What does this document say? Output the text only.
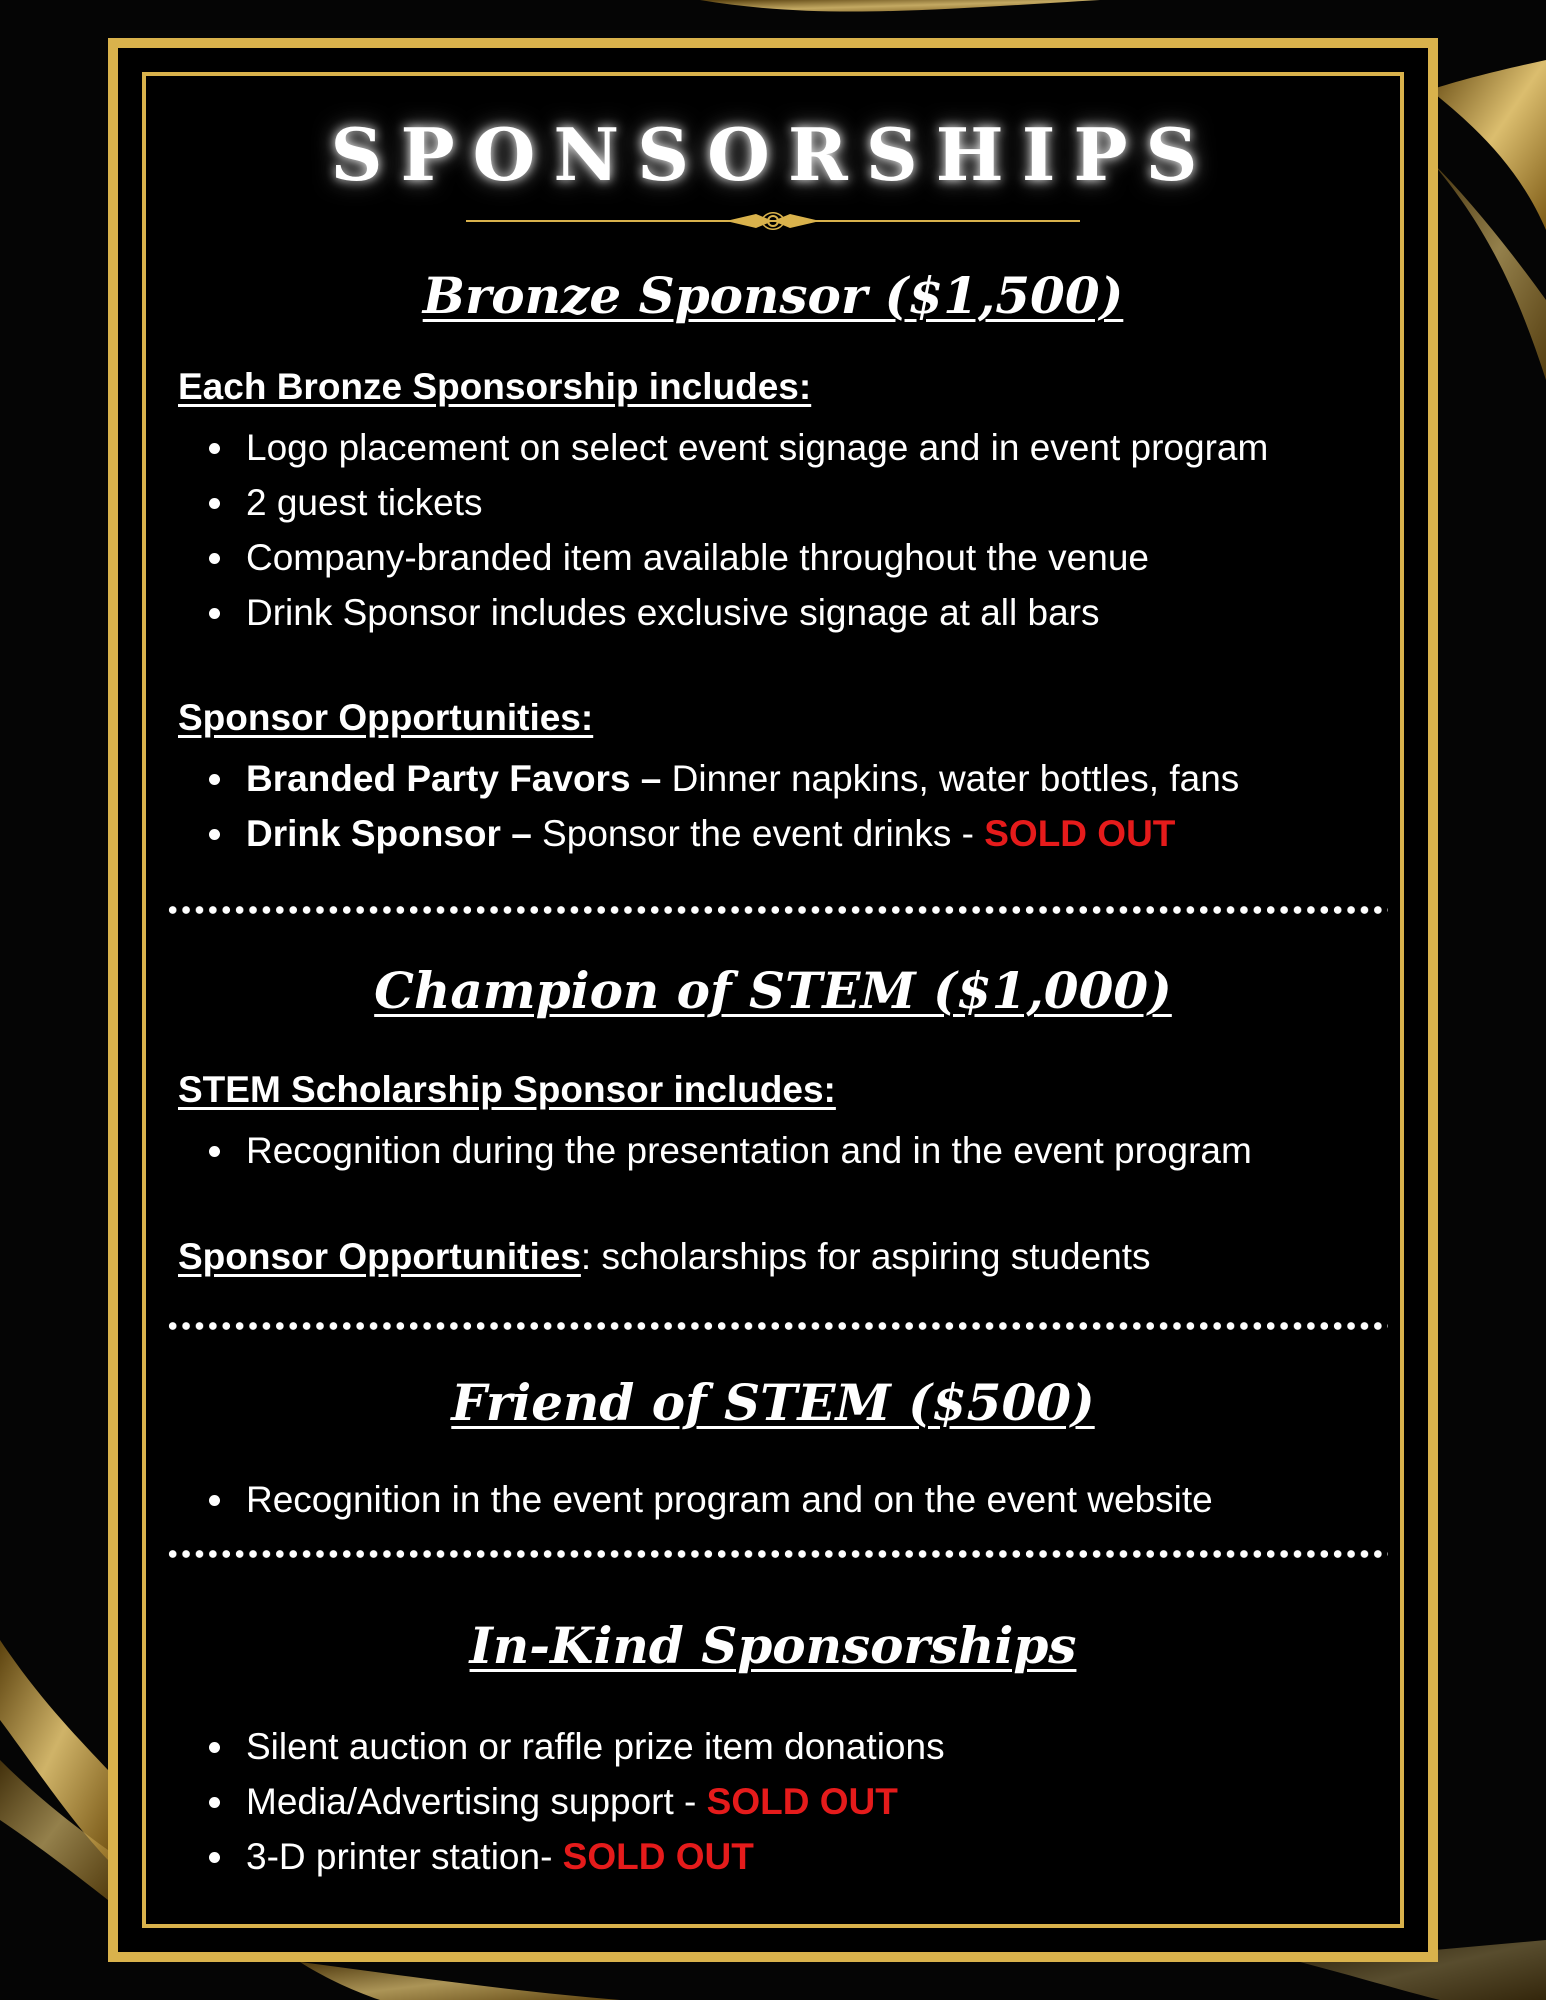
SPONSORSHIPS
Bronze Sponsor ($1,500)
Each Bronze Sponsorship includes:
Logo placement on select event signage and in event program
2 guest tickets
Company-branded item available throughout the venue
Drink Sponsor includes exclusive signage at all bars
Sponsor Opportunities:
Branded Party Favors – Dinner napkins, water bottles, fans
Drink Sponsor – Sponsor the event drinks - SOLD OUT
Champion of STEM ($1,000)
STEM Scholarship Sponsor includes:
Recognition during the presentation and in the event program
Sponsor Opportunities: scholarships for aspiring students
Friend of STEM ($500)
Recognition in the event program and on the event website
In-Kind Sponsorships
Silent auction or raffle prize item donations
Media/Advertising support - SOLD OUT
3-D printer station- SOLD OUT
